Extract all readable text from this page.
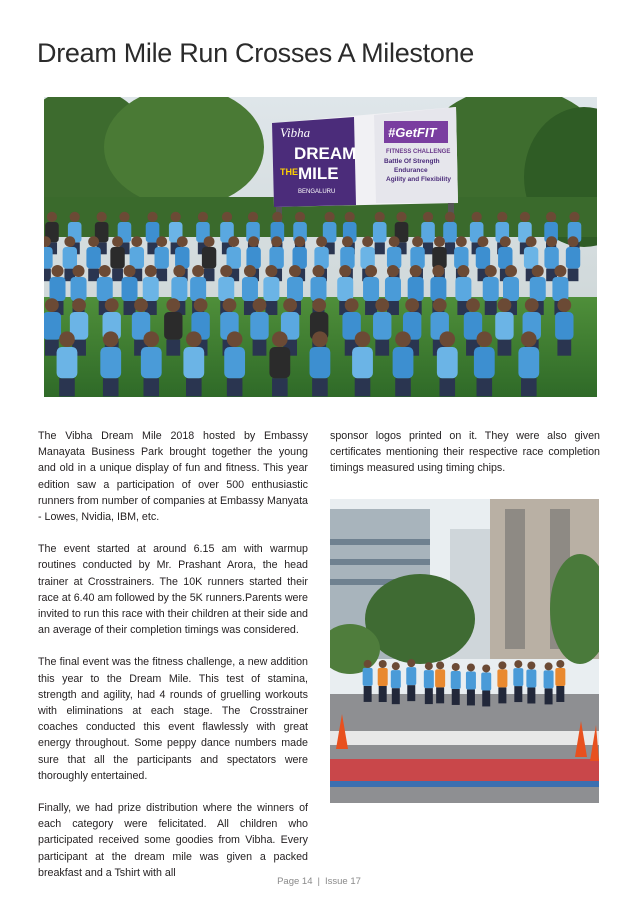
Dream Mile Run Crosses A Milestone
Vibha
THE
DREAM
MILE
BENGALURU
#GetFIT
FITNESS CHALLENGE
Battle Of Strength
Endurance
Agility and Flexibility

The Vibha Dream Mile 2018 hosted by Embassy Manayata Business Park brought together the young and old in a unique display of fun and fitness. This year edition saw a participation of over 500 enthusiastic runners from number of companies at Embassy Manyata - Lowes, Nvidia, IBM, etc.

The event started at around 6.15 am with warmup routines conducted by Mr. Prashant Arora, the head trainer at Crosstrainers. The 10K runners started their race at 6.40 am followed by the 5K runners.Parents were invited to run this race with their children at their side and an average of their completion timings was considered.

The final event was the fitness challenge, a new addition this year to the Dream Mile. This test of stamina, strength and agility, had 4 rounds of gruelling workouts with eliminations at each stage. The Crosstrainer coaches conducted this event flawlessly with great energy throughout. Some peppy dance numbers made sure that all the participants and spectators were thoroughly entertained.

Finally, we had prize distribution where the winners of each category were felicitated. All children who participated received some goodies from Vibha. Every participant at the dream mile was given a packed breakfast and a Tshirt with all

sponsor logos printed on it. They were also given certificates mentioning their respective race completion timings measured using timing chips.

Page 14 | Issue 17
